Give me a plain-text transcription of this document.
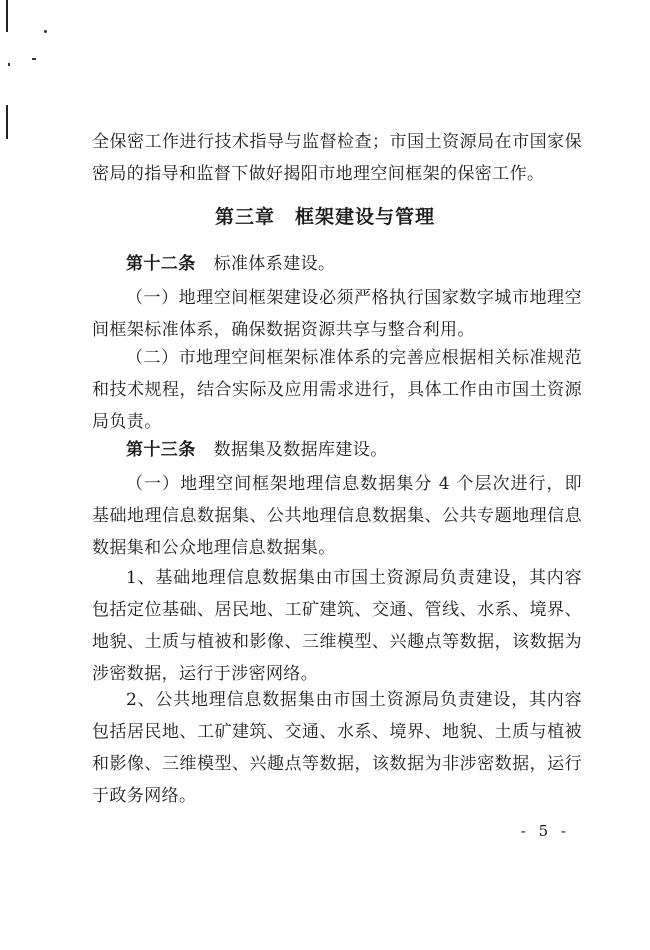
全保密工作进行技术指导与监督检查；市国土资源局在市国家保密局的指导和监督下做好揭阳市地理空间框架的保密工作。

第三章　框架建设与管理

第十二条 标准体系建设。

（一）地理空间框架建设必须严格执行国家数字城市地理空间框架标准体系，确保数据资源共享与整合利用。

（二）市地理空间框架标准体系的完善应根据相关标准规范和技术规程，结合实际及应用需求进行，具体工作由市国土资源局负责。

第十三条 数据集及数据库建设。

（一）地理空间框架地理信息数据集分 4 个层次进行，即基础地理信息数据集、公共地理信息数据集、公共专题地理信息数据集和公众地理信息数据集。

1、基础地理信息数据集由市国土资源局负责建设，其内容包括定位基础、居民地、工矿建筑、交通、管线、水系、境界、地貌、土质与植被和影像、三维模型、兴趣点等数据，该数据为涉密数据，运行于涉密网络。

2、公共地理信息数据集由市国土资源局负责建设，其内容包括居民地、工矿建筑、交通、水系、境界、地貌、土质与植被和影像、三维模型、兴趣点等数据，该数据为非涉密数据，运行于政务网络。

- 5 -
